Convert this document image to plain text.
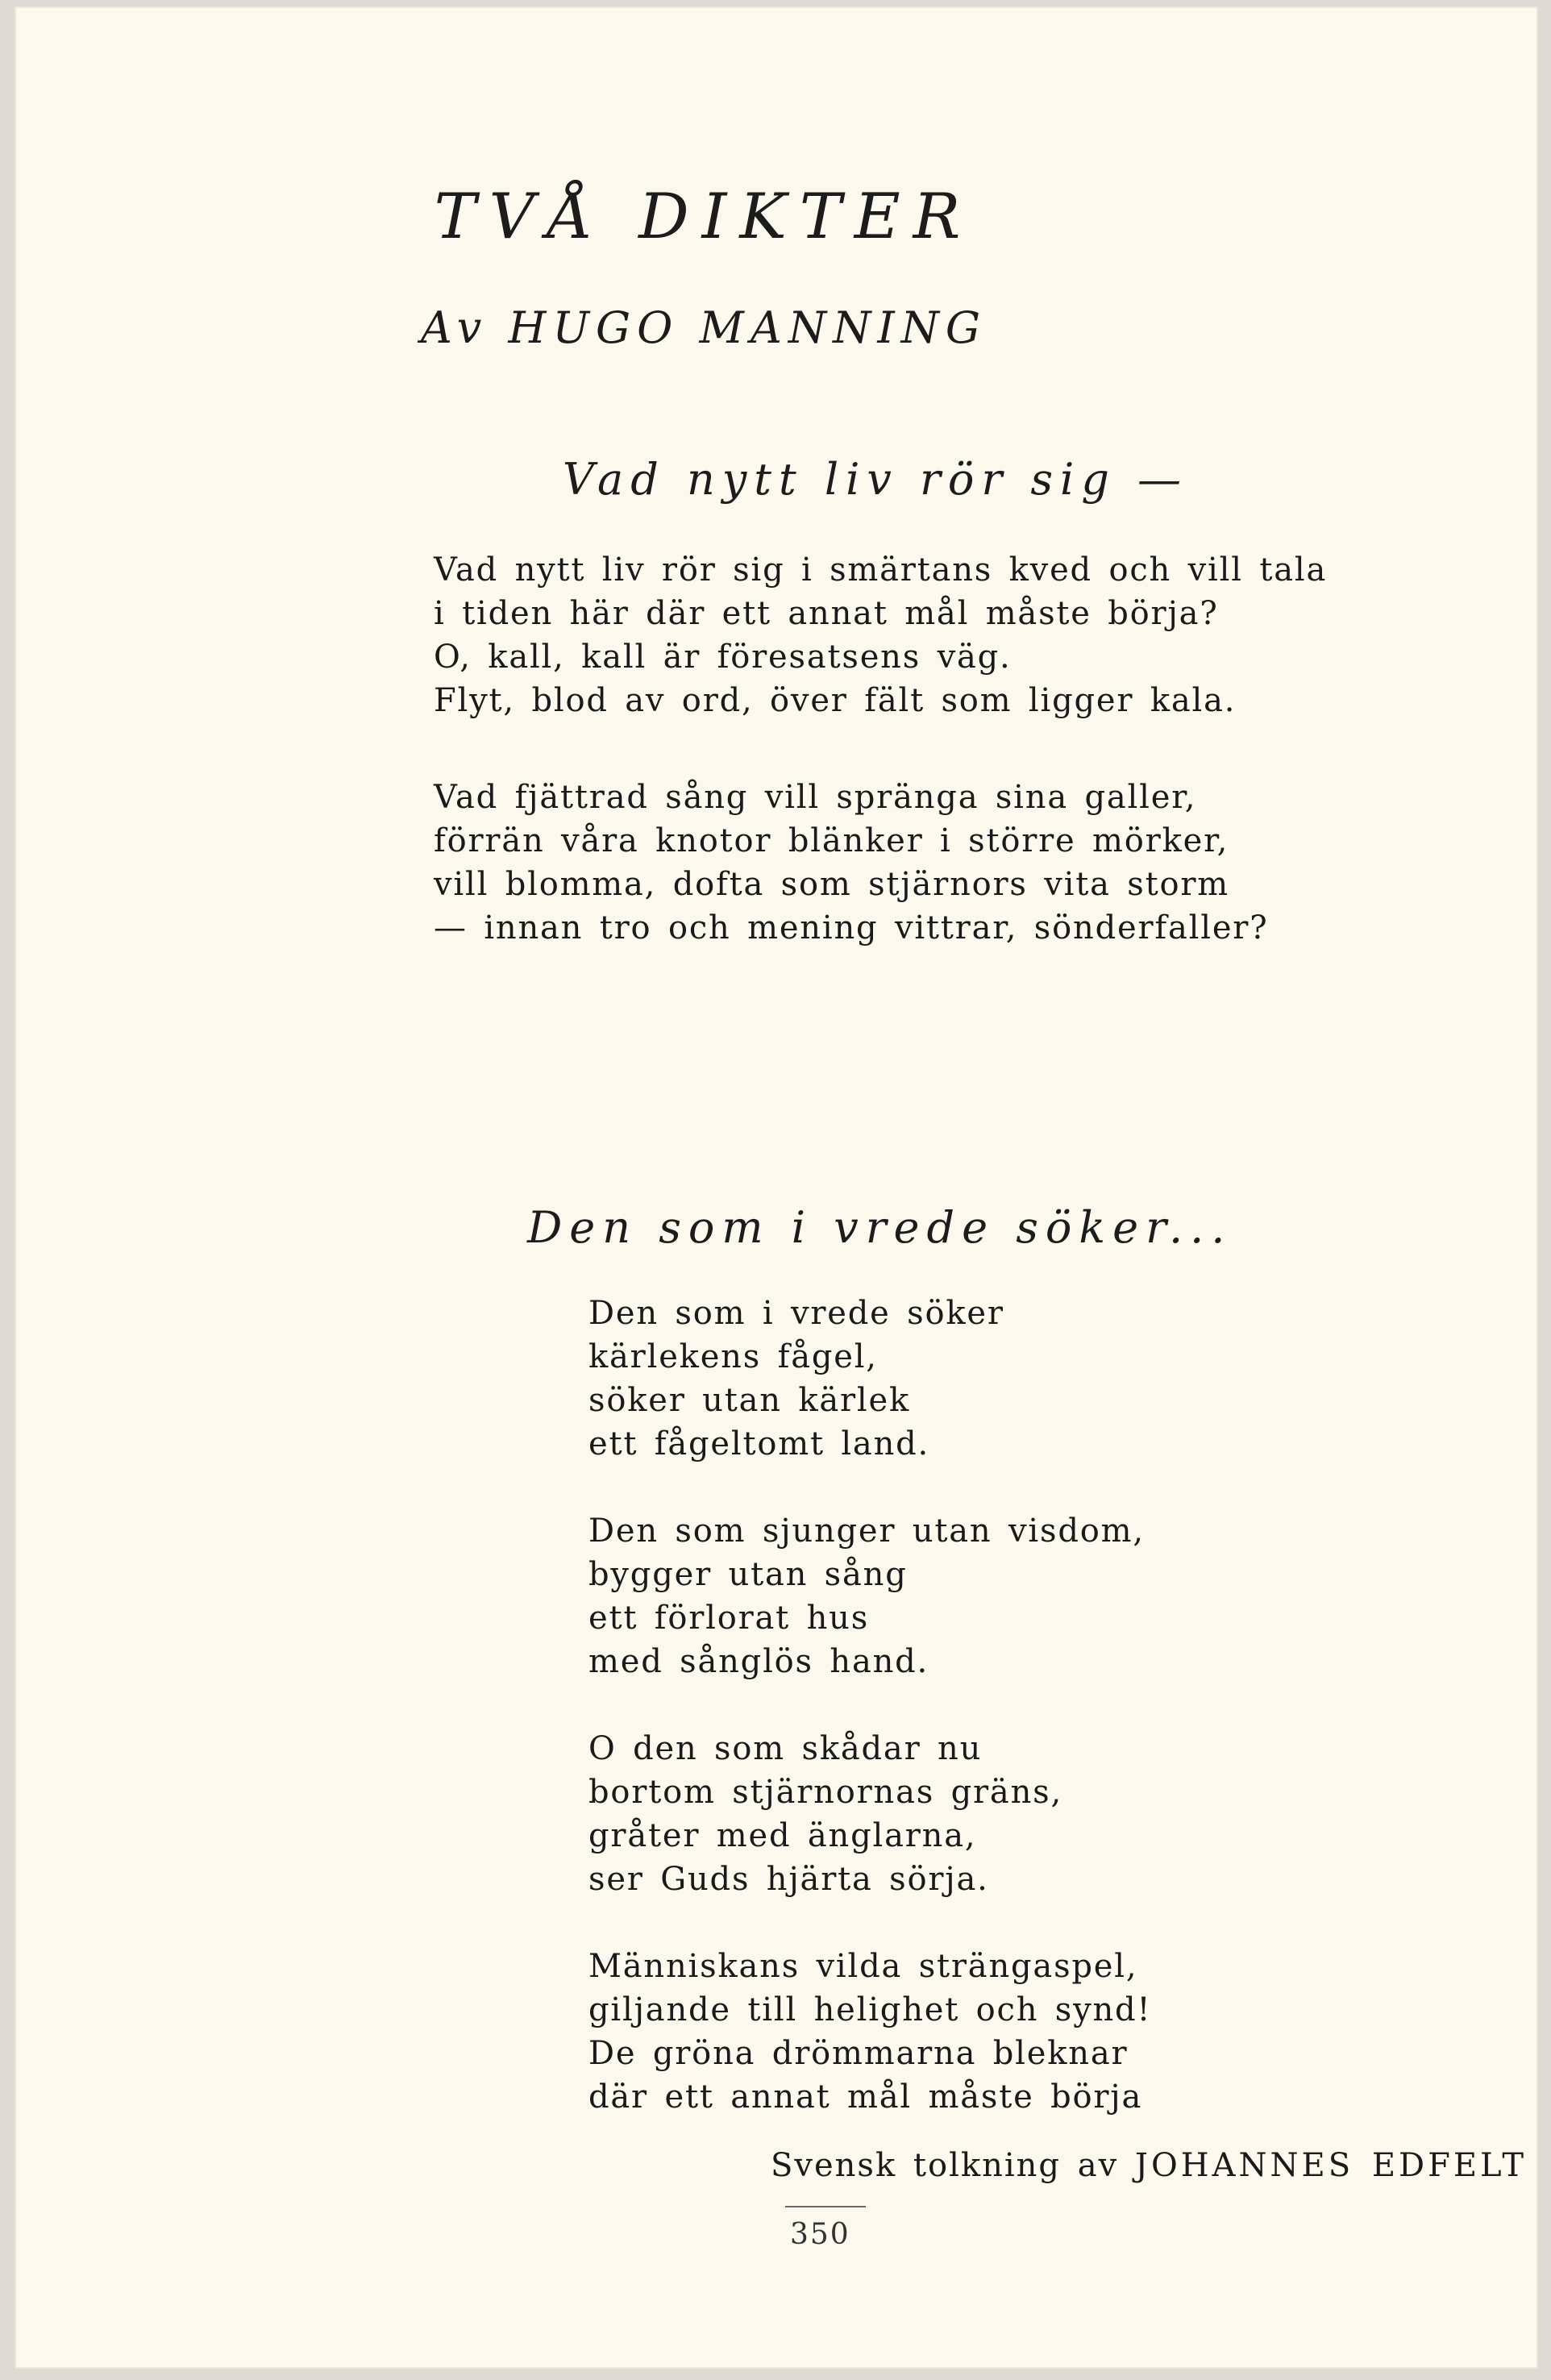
TVÅ DIKTER
Av HUGO MANNING
Vad nytt liv rör sig —
Vad nytt liv rör sig i smärtans kved och vill tala
i tiden här där ett annat mål måste börja?
O, kall, kall är föresatsens väg.
Flyt, blod av ord, över fält som ligger kala.
Vad fjättrad sång vill spränga sina galler,
förrän våra knotor blänker i större mörker,
vill blomma, dofta som stjärnors vita storm
— innan tro och mening vittrar, sönderfaller?
Den som i vrede söker...
Den som i vrede söker
kärlekens fågel,
söker utan kärlek
ett fågeltomt land.
Den som sjunger utan visdom,
bygger utan sång
ett förlorat hus
med sånglös hand.
O den som skådar nu
bortom stjärnornas gräns,
gråter med änglarna,
ser Guds hjärta sörja.
Människans vilda strängaspel,
giljande till helighet och synd!
De gröna drömmarna bleknar
där ett annat mål måste börja
Svensk tolkning av JOHANNES EDFELT
350
